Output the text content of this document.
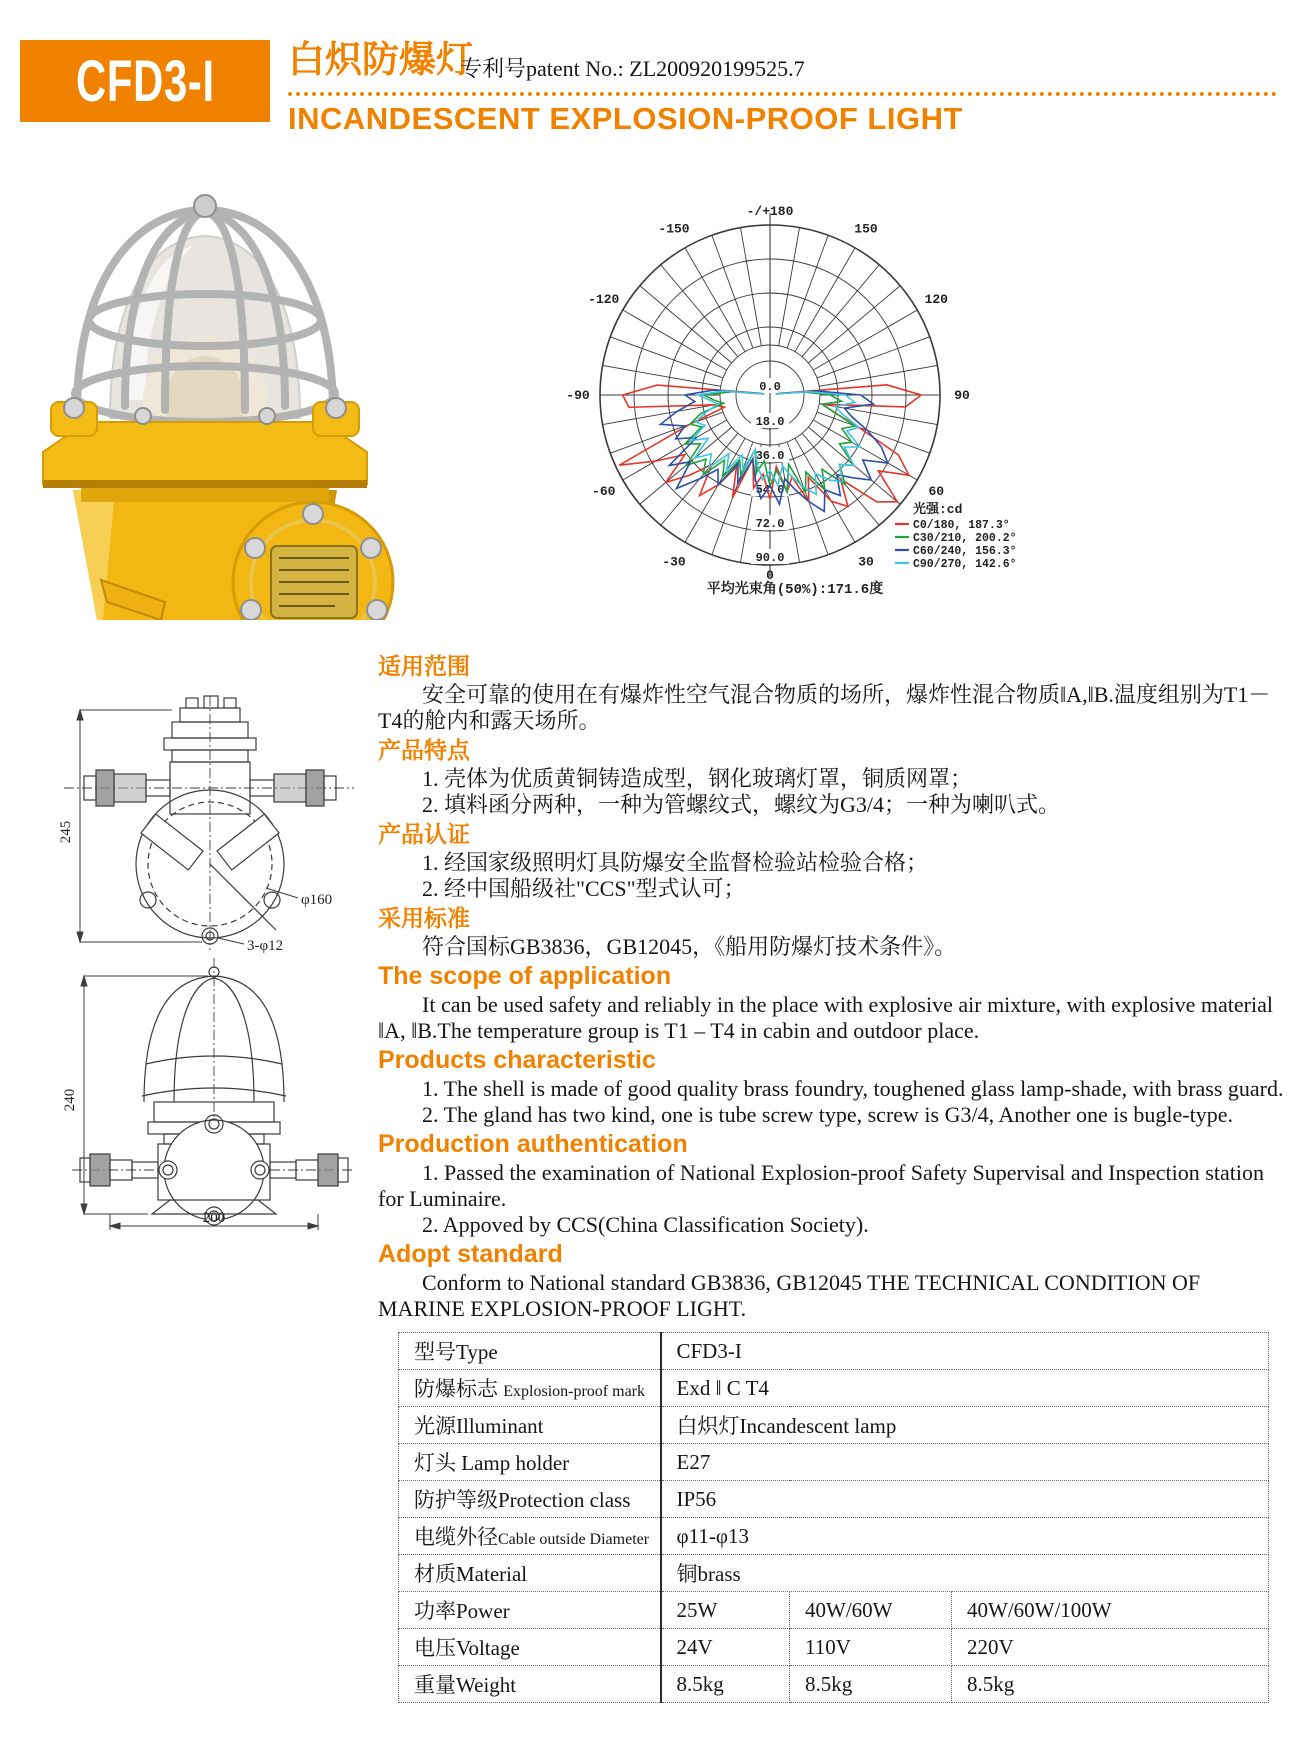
CFD3-I 白炽防爆灯
专利号patent No.: ZL200920199525.7
INCANDESCENT EXPLOSION-PROOF LIGHT
-/+180
150
120
90
60
30
0
-30
-60
-90
-120
-150
0.0
18.0
36.0
54.0
72.0
90.0
光强:cd
C0/180, 187.3°
C30/210, 200.2°
C60/240, 156.3°
C90/270, 142.6°
平均光束角(50%):171.6度
245
φ160
3-φ12
240
200
适用范围

安全可靠的使用在有爆炸性空气混合物质的场所，爆炸性混合物质‖A,‖B.温度组别为T1－T4的舱内和露天场所。

产品特点

1. 壳体为优质黄铜铸造成型，钢化玻璃灯罩，铜质网罩；

2. 填料函分两种，一种为管螺纹式，螺纹为G3/4；一种为喇叭式。

产品认证

1. 经国家级照明灯具防爆安全监督检验站检验合格；

2. 经中国船级社"CCS"型式认可；

采用标准

符合国标GB3836，GB12045，《船用防爆灯技术条件》。

The scope of application

It can be used safety and reliably in the place with explosive air mixture, with explosive material ‖A, ‖B.The temperature group is T1 – T4 in cabin and outdoor place.

Products characteristic

1. The shell is made of good quality brass foundry, toughened glass lamp-shade, with brass guard.

2. The gland has two kind, one is tube screw type, screw is G3/4, Another one is bugle-type.

Production authentication

1. Passed the examination of National Explosion-proof Safety Supervisal and Inspection station for Luminaire.

2. Appoved by CCS(China Classification Society).

Adopt standard

Conform to National standard GB3836, GB12045 THE TECHNICAL CONDITION OF MARINE EXPLOSION-PROOF LIGHT.

型号Type	CFD3-I		
防爆标志 Explosion-proof mark	Exd ‖ C T4		
光源Illuminant	白炽灯Incandescent lamp		
灯头 Lamp holder	E27		
防护等级Protection class	IP56		
电缆外径Cable outside Diameter	φ11-φ13		
材质Material	铜brass		
功率Power	25W	40W/60W	40W/60W/100W
电压Voltage	24V	110V	220V
重量Weight	8.5kg	8.5kg	8.5kg
